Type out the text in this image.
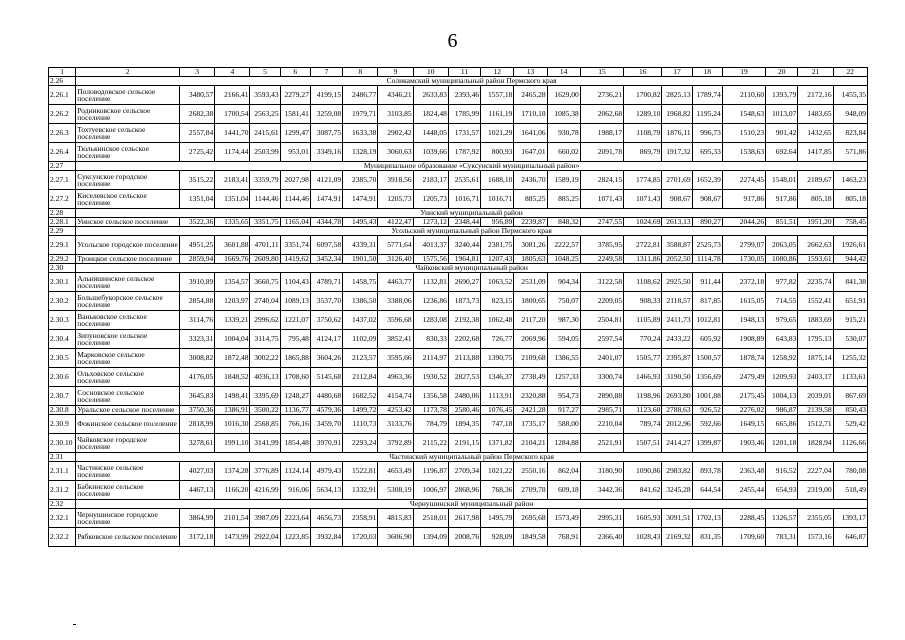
6
1	2	3	4	5	6	7	8	9	10	11	12	13	14	15	16	17	18	19	20	21	22
2.26	Соликамский муниципальный район Пермского края																				
2.26.1	Половодовское сельское поселение	3480,57	2166,41	3593,43	2279,27	4199,15	2486,77	4346,21	2633,83	2393,46	1557,18	2465,28	1629,00	2736,21	1700,82	2825,13	1789,74	2110,60	1393,79	2172,16	1455,35
2.26.2	Родниковское сельское поселение	2682,38	1700,54	2563,25	1581,41	3259,08	1979,71	3103,85	1824,48	1785,99	1161,19	1710,18	1085,38	2062,68	1289,10	1968,82	1195,24	1548,63	1013,07	1483,65	948,09
2.26.3	Тохтуевское сельское поселение	2557,84	1441,70	2415,61	1299,47	3087,75	1633,38	2902,42	1448,05	1731,57	1021,29	1641,06	930,78	1988,17	1108,79	1876,11	996,73	1510,23	901,42	1432,65	823,84
2.26.4	Тюлькинское сельское поселение	2725,42	1174,44	2503,99	953,01	3349,16	1328,19	3060,63	1039,66	1787,92	800,93	1647,01	660,02	2091,78	869,79	1917,32	695,33	1538,63	692,64	1417,85	571,86
2.27	Муниципальное образование «Суксунский муниципальный район»																				
2.27.1	Суксунское городское поселение	3515,22	2183,41	3359,79	2027,98	4121,09	2385,70	3918,56	2183,17	2535,61	1688,10	2436,70	1589,19	2824,15	1774,85	2701,69	1652,39	2274,45	1548,01	2189,67	1463,23
2.27.2	Киселевское сельское поселение	1351,04	1351,04	1144,46	1144,46	1474,91	1474,91	1205,73	1205,73	1016,71	1016,71	885,25	885,25	1071,43	1071,43	908,67	908,67	917,86	917,86	805,18	805,18
2.28	Уинский муниципальный район																				
2.28.1	Уинское сельское поселение	3522,36	1335,65	3351,75	1165,04	4344,78	1495,43	4122,47	1273,12	2348,44	956,89	2239,87	848,32	2747,55	1024,69	2613,13	890,27	2044,26	851,51	1951,20	758,45
2.29	Усольский муниципальный район Пермского края																				
2.29.1	Усольское городское поселение	4951,25	3601,88	4701,11	3351,74	6097,58	4339,31	5771,64	4013,37	3240,44	2381,75	3081,26	2222,57	3785,95	2722,81	3588,87	2525,73	2799,07	2063,05	2662,63	1926,61
2.29.2	Троицкое сельское поселение	2859,94	1669,76	2609,80	1419,62	3452,34	1901,50	3126,40	1575,56	1964,81	1207,43	1805,63	1048,25	2249,58	1311,86	2052,50	1114,78	1730,05	1080,86	1593,61	944,42
2.30	Чайковский муниципальный район																				
2.30.1	Альняшинское сельское поселение	3910,89	1354,57	3660,75	1104,43	4789,71	1458,75	4463,77	1132,81	2690,27	1063,52	2531,09	904,34	3122,58	1108,62	2925,50	911,44	2372,18	977,82	2235,74	841,38
2.30.2	Большебукорское сельское поселение	2854,88	1203,97	2740,04	1089,13	3537,70	1386,50	3388,06	1236,86	1873,73	823,15	1800,65	750,07	2209,05	908,33	2118,57	817,85	1615,05	714,55	1552,41	651,91
2.30.3	Ваньковское сельское поселение	3114,76	1339,21	2996,62	1221,07	3750,62	1437,02	3596,68	1283,08	2192,38	1062,48	2117,20	987,30	2504,81	1105,89	2411,73	1012,81	1948,13	979,65	1883,69	915,21
2.30.4	Зипуновское сельское поселение	3323,31	1004,04	3114,75	795,48	4124,17	1102,09	3852,41	830,33	2202,68	726,77	2069,96	594,05	2597,54	770,24	2433,22	605,92	1908,89	643,83	1795,13	530,07
2.30.5	Марковское сельское поселение	3008,82	1872,48	3002,22	1865,88	3604,26	2123,57	3595,66	2114,97	2113,88	1390,75	2109,68	1386,55	2401,07	1505,77	2395,87	1500,57	1878,74	1258,92	1875,14	1255,32
2.30.6	Ольховское сельское поселение	4176,05	1848,52	4036,13	1708,60	5145,68	2112,84	4963,36	1930,52	2827,53	1346,37	2738,49	1257,33	3300,74	1466,93	3190,50	1356,69	2479,49	1209,93	2403,17	1133,61
2.30.7	Сосновское сельское поселение	3645,83	1498,41	3395,69	1248,27	4480,68	1682,52	4154,74	1356,58	2480,06	1113,91	2320,88	954,73	2890,88	1198,96	2693,80	1001,88	2175,45	1004,13	2039,01	867,69
2.30.8	Уральское сельское поселение	3750,36	1386,91	3500,22	1136,77	4579,36	1499,72	4253,42	1173,78	2580,46	1076,45	2421,28	917,27	2985,71	1123,60	2788,63	926,52	2276,02	986,87	2139,58	850,43
2.30.9	Фокинское сельское поселение	2818,99	1016,30	2568,85	766,16	3459,70	1110,73	3133,76	784,79	1894,35	747,18	1735,17	588,00	2210,04	789,74	2012,96	592,66	1649,15	665,86	1512,71	529,42
2.30.10	Чайковское городское поселение	3278,61	1991,10	3141,99	1854,48	3970,91	2293,24	3792,89	2115,22	2191,15	1371,82	2104,21	1284,88	2521,91	1507,51	2414,27	1399,87	1903,46	1201,18	1828,94	1126,66
2.31	Частинский муниципальный район Пермского края																				
2.31.1	Частинское сельское поселение	4027,03	1374,28	3776,89	1124,14	4979,43	1522,81	4653,49	1196,87	2709,34	1021,22	2550,16	862,04	3180,90	1090,86	2983,82	893,78	2363,48	916,52	2227,04	780,08
2.31.2	Бабкинское сельское поселение	4467,13	1166,20	4216,99	916,06	5634,13	1332,91	5308,19	1006,97	2868,96	768,36	2709,78	609,18	3442,36	841,62	3245,28	644,54	2455,44	654,93	2319,00	518,49
2.32	Чернушинский муниципальный район																				
2.32.1	Чернушинское городское поселение	3864,99	2101,54	3987,09	2223,64	4656,73	2358,91	4815,83	2518,01	2617,98	1495,79	2695,68	1573,49	2995,31	1605,93	3091,51	1702,13	2288,45	1326,57	2355,05	1393,17
2.32.2	Рябковское сельское поселение	3172,18	1473,99	2922,04	1223,85	3932,84	1720,03	3606,90	1394,09	2008,76	928,09	1849,58	768,91	2366,40	1028,43	2169,32	831,35	1709,60	783,31	1573,16	646,87
